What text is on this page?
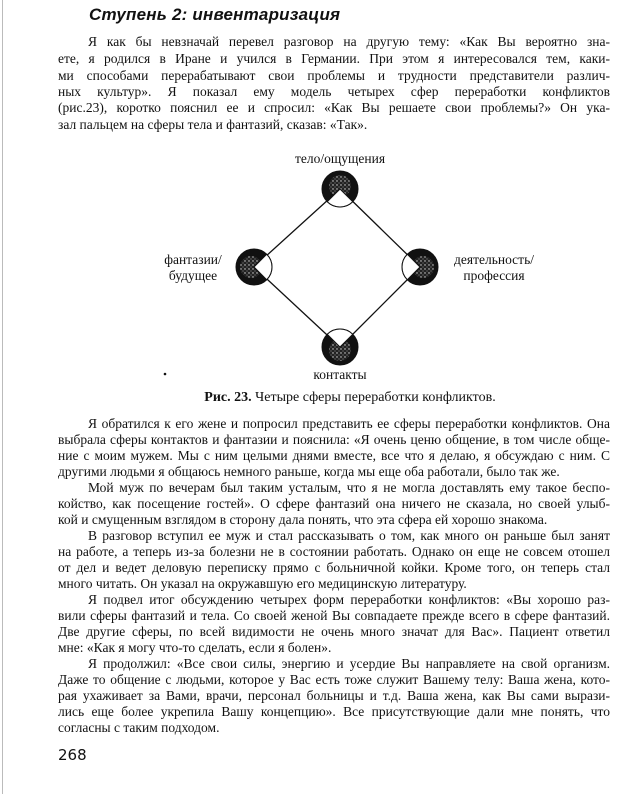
Ступень 2: инвентаризация
Я как бы невзначай перевел разговор на другую тему: «Как Вы вероятно зна-
ете, я родился в Иране и учился в Германии. При этом я интересовался тем, каки-
ми способами перерабатывают свои проблемы и трудности представители различ-
ных культур». Я показал ему модель четырех сфер переработки конфликтов
(рис.23), коротко пояснил ее и спросил: «Как Вы решаете свои проблемы?» Он ука-
зал пальцем на сферы тела и фантазий, сказав: «Так».
тело/ощущения
фантазии/
будущее
деятельность/
профессия
контакты
Рис. 23. Четыре сферы переработки конфликтов.
Я обратился к его жене и попросил представить ее сферы переработки конфликтов. Она
выбрала сферы контактов и фантазии и пояснила: «Я очень ценю общение, в том числе обще-
ние с моим мужем. Мы с ним целыми днями вместе, все что я делаю, я обсуждаю с ним. С
другими людьми я общаюсь немного раньше, когда мы еще оба работали, было так же.
Мой муж по вечерам был таким усталым, что я не могла доставлять ему такое беспо-
койство, как посещение гостей». О сфере фантазий она ничего не сказала, но своей улыб-
кой и смущенным взглядом в сторону дала понять, что эта сфера ей хорошо знакома.
В разговор вступил ее муж и стал рассказывать о том, как много он раньше был занят
на работе, а теперь из-за болезни не в состоянии работать. Однако он еще не совсем отошел
от дел и ведет деловую переписку прямо с больничной койки. Кроме того, он теперь стал
много читать. Он указал на окружавшую его медицинскую литературу.
Я подвел итог обсуждению четырех форм переработки конфликтов: «Вы хорошо раз-
вили сферы фантазий и тела. Со своей женой Вы совпадаете прежде всего в сфере фантазий.
Две другие сферы, по всей видимости не очень много значат для Вас». Пациент ответил
мне: «Как я могу что-то сделать, если я болен».
Я продолжил: «Все свои силы, энергию и усердие Вы направляете на свой организм.
Даже то общение с людьми, которое у Вас есть тоже служит Вашему телу: Ваша жена, кото-
рая ухаживает за Вами, врачи, персонал больницы и т.д. Ваша жена, как Вы сами вырази-
лись еще более укрепила Вашу концепцию». Все присутствующие дали мне понять, что
согласны с таким подходом.
268
